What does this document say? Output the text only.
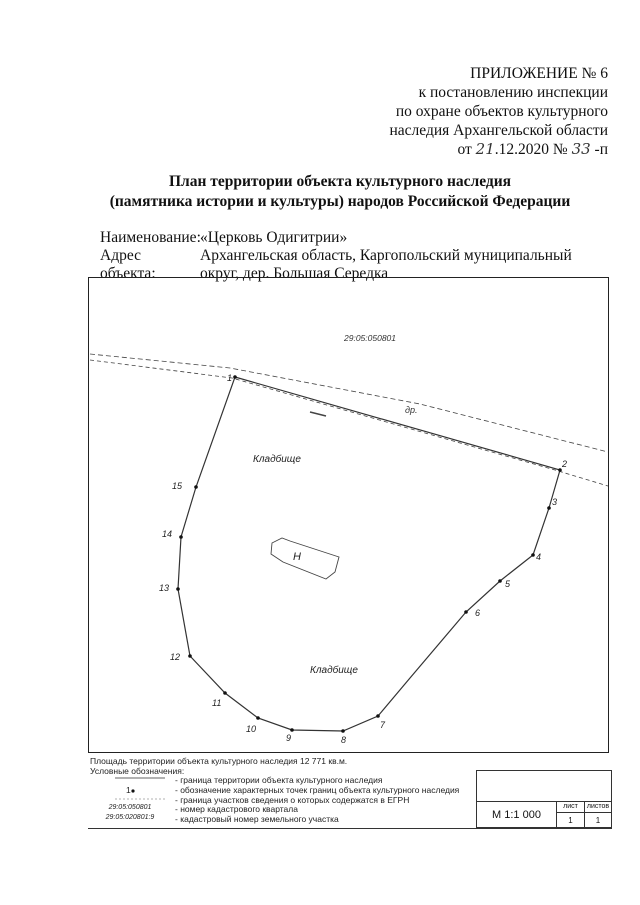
ПРИЛОЖЕНИЕ № 6
к постановлению инспекции
по охране объектов культурного
наследия Архангельской области
от 21.12.2020 № 33 -п
План территории объекта культурного наследия
(памятника истории и культуры) народов Российской Федерации
Наименование: «Церковь Одигитрии»
Адрес объекта:
Архангельская область, Каргопольский муниципальный
округ, дер. Большая Середка
1
2
3
4
5
6
7
8
9
10
11
12
13
14
15
Н
29:05:050801
др.
Кладбище
Кладбище
Площадь территории объекта культурного наследия 12 771 кв.м.
Условные обозначения:
- граница территории объекта культурного наследия
1	- обозначение характерных точек границ объекта культурного наследия
- граница участков сведения о которых содержатся в ЕГРН
29:05:050801	- номер кадастрового квартала
29:05:020801:9	- кадастровый номер земельного участка	М 1:1 000
лист
1
листов
1
